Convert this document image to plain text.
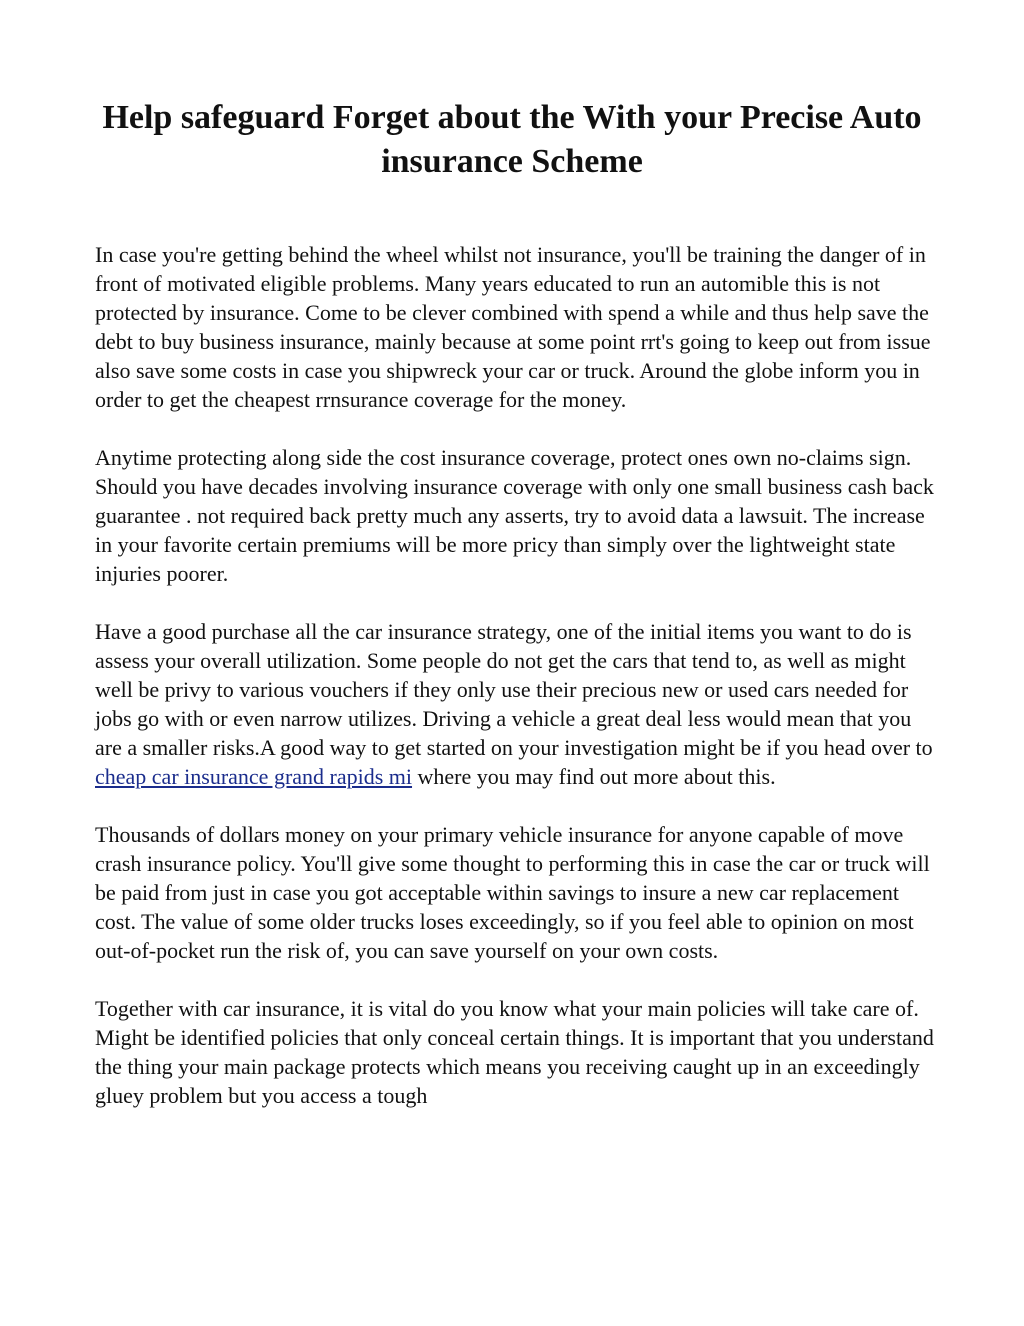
Help safeguard Forget about the With your Precise Auto insurance Scheme

In case you're getting behind the wheel whilst not insurance, you'll be training the danger of in front of motivated eligible problems. Many years educated to run an automible this is not protected by insurance. Come to be clever combined with spend a while and thus help save the debt to buy business insurance, mainly because at some point rrt's going to keep out from issue also save some costs in case you shipwreck your car or truck. Around the globe inform you in order to get the cheapest rrnsurance coverage for the money.

Anytime protecting along side the cost insurance coverage, protect ones own no-claims sign. Should you have decades involving insurance coverage with only one small business cash back guarantee . not required back pretty much any asserts, try to avoid data a lawsuit. The increase in your favorite certain premiums will be more pricy than simply over the lightweight state injuries poorer.

Have a good purchase all the car insurance strategy, one of the initial items you want to do is assess your overall utilization. Some people do not get the cars that tend to, as well as might well be privy to various vouchers if they only use their precious new or used cars needed for jobs go with or even narrow utilizes. Driving a vehicle a great deal less would mean that you are a smaller risks.A good way to get started on your investigation might be if you head over to cheap car insurance grand rapids mi where you may find out more about this.

Thousands of dollars money on your primary vehicle insurance for anyone capable of move crash insurance policy. You'll give some thought to performing this in case the car or truck will be paid from just in case you got acceptable within savings to insure a new car replacement cost. The value of some older trucks loses exceedingly, so if you feel able to opinion on most out-of-pocket run the risk of, you can save yourself on your own costs.

Together with car insurance, it is vital do you know what your main policies will take care of. Might be identified policies that only conceal certain things. It is important that you understand the thing your main package protects which means you receiving caught up in an exceedingly gluey problem but you access a tough
